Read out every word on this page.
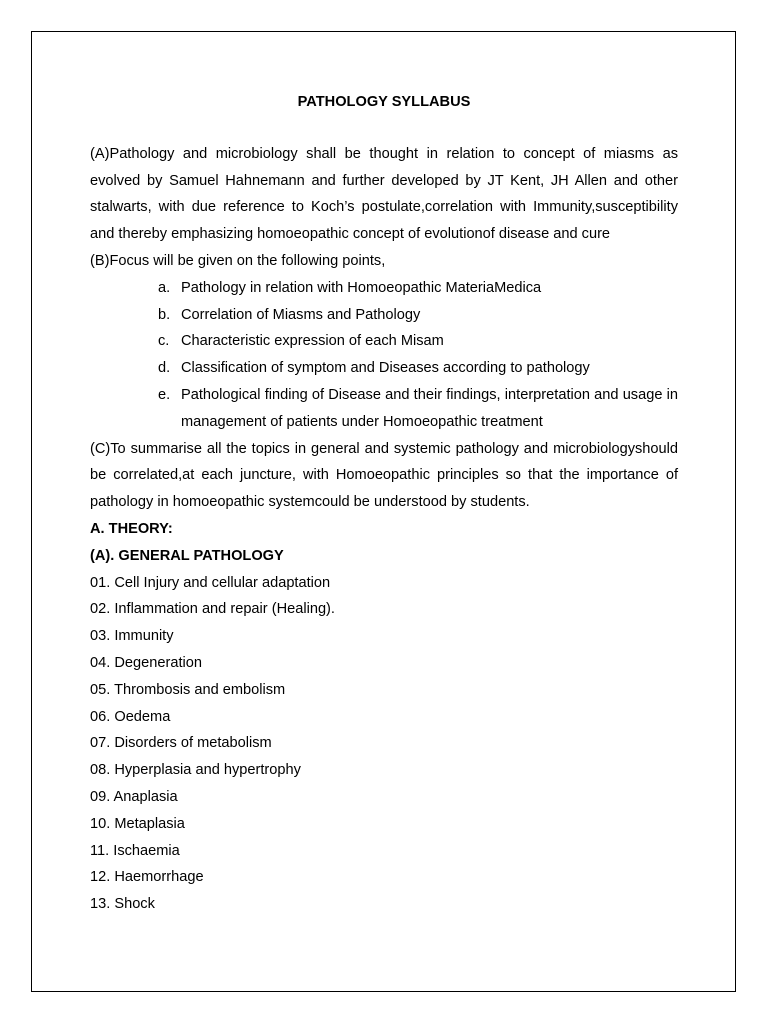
PATHOLOGY SYLLABUS

(A)Pathology and microbiology shall be thought in relation to concept of miasms as evolved by Samuel Hahnemann and further developed by JT Kent, JH Allen and other stalwarts, with due reference to Koch’s postulate,correlation with Immunity,susceptibility and thereby emphasizing homoeopathic concept of evolutionof disease and cure

(B)Focus will be given on the following points,

a. Pathology in relation with Homoeopathic MateriaMedica
b. Correlation of Miasms and Pathology
c. Characteristic expression of each Misam
d. Classification of symptom and Diseases according to pathology
e. Pathological finding of Disease and their findings, interpretation and usage in management of patients under Homoeopathic treatment

(C)To summarise all the topics in general and systemic pathology and microbiologyshould be correlated,at each juncture, with Homoeopathic principles so that the importance of pathology in homoeopathic systemcould be understood by students.

A. THEORY:

(A). GENERAL PATHOLOGY

01. Cell Injury and cellular adaptation
02. Inflammation and repair (Healing).
03. Immunity
04. Degeneration
05. Thrombosis and embolism
06. Oedema
07. Disorders of metabolism
08. Hyperplasia and hypertrophy
09. Anaplasia
10. Metaplasia
11. Ischaemia
12. Haemorrhage
13. Shock
